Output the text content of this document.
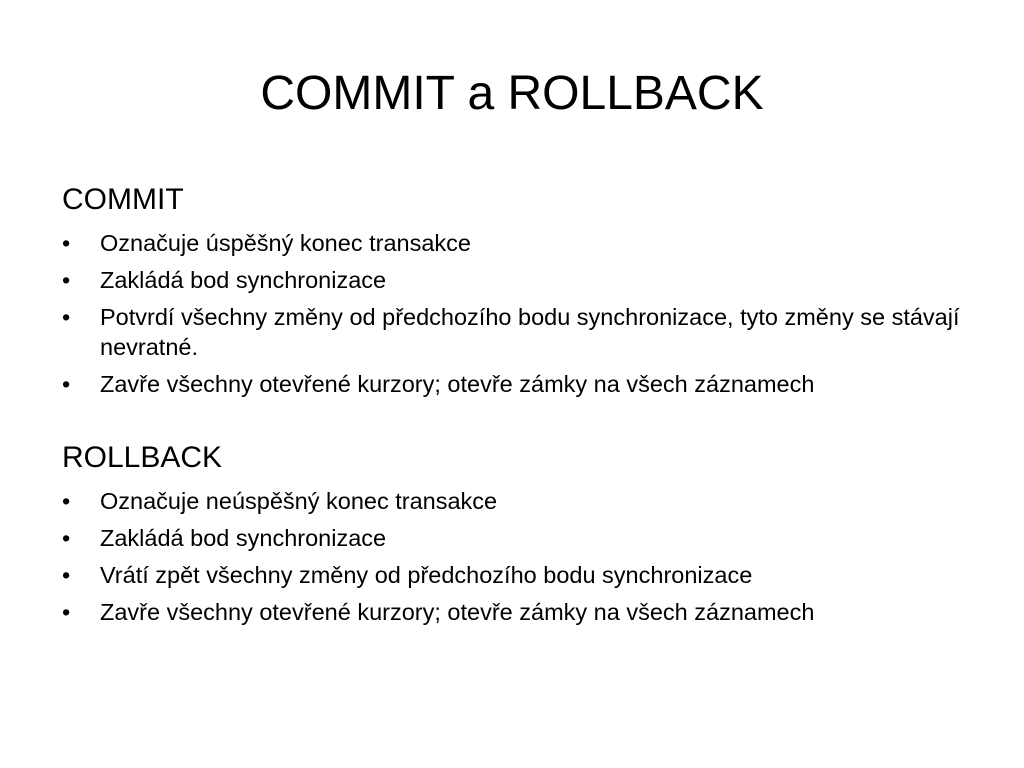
COMMIT a ROLLBACK

COMMIT

• Označuje úspěšný konec transakce
• Zakládá bod synchronizace
• Potvrdí všechny změny od předchozího bodu synchronizace, tyto změny se stávají nevratné.
• Zavře všechny otevřené kurzory; otevře zámky na všech záznamech

ROLLBACK

• Označuje neúspěšný konec transakce
• Zakládá bod synchronizace
• Vrátí zpět všechny změny od předchozího bodu synchronizace
• Zavře všechny otevřené kurzory; otevře zámky na všech záznamech
